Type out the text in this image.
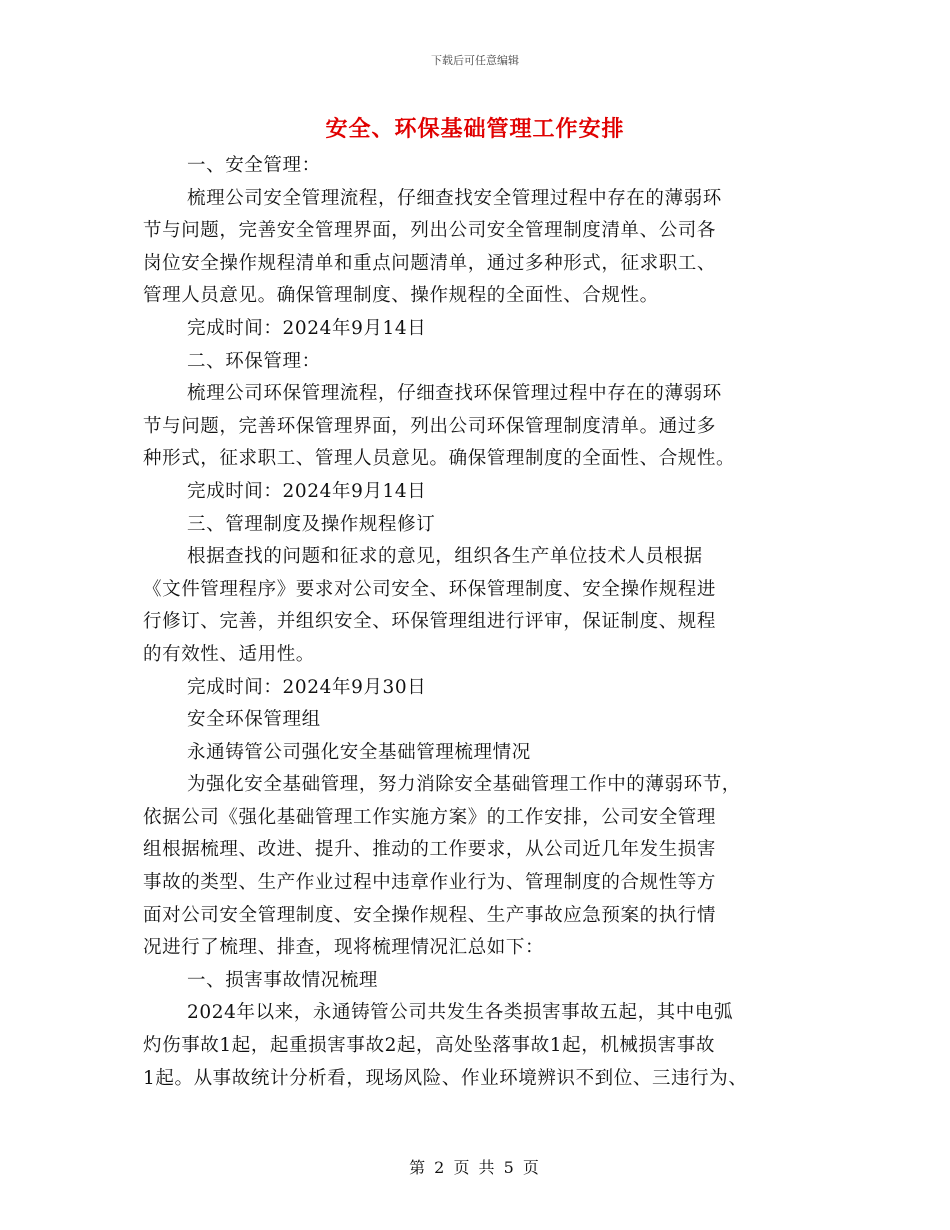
下载后可任意编辑
安全、环保基础管理工作安排
一、安全管理：
梳理公司安全管理流程，仔细查找安全管理过程中存在的薄弱环
节与问题，完善安全管理界面，列出公司安全管理制度清单、公司各
岗位安全操作规程清单和重点问题清单，通过多种形式，征求职工、
管理人员意见。确保管理制度、操作规程的全面性、合规性。
完成时间：2024年9月14日
二、环保管理：
梳理公司环保管理流程，仔细查找环保管理过程中存在的薄弱环
节与问题，完善环保管理界面，列出公司环保管理制度清单。通过多
种形式，征求职工、管理人员意见。确保管理制度的全面性、合规性。
完成时间：2024年9月14日
三、管理制度及操作规程修订
根据查找的问题和征求的意见，组织各生产单位技术人员根据
《文件管理程序》要求对公司安全、环保管理制度、安全操作规程进
行修订、完善，并组织安全、环保管理组进行评审，保证制度、规程
的有效性、适用性。
完成时间：2024年9月30日
安全环保管理组
永通铸管公司强化安全基础管理梳理情况
为强化安全基础管理，努力消除安全基础管理工作中的薄弱环节，
依据公司《强化基础管理工作实施方案》的工作安排，公司安全管理
组根据梳理、改进、提升、推动的工作要求，从公司近几年发生损害
事故的类型、生产作业过程中违章作业行为、管理制度的合规性等方
面对公司安全管理制度、安全操作规程、生产事故应急预案的执行情
况进行了梳理、排查，现将梳理情况汇总如下：
一、损害事故情况梳理
2024年以来，永通铸管公司共发生各类损害事故五起，其中电弧
灼伤事故1起，起重损害事故2起，高处坠落事故1起，机械损害事故
1起。从事故统计分析看，现场风险、作业环境辨识不到位、三违行为、
第 2 页 共 5 页
